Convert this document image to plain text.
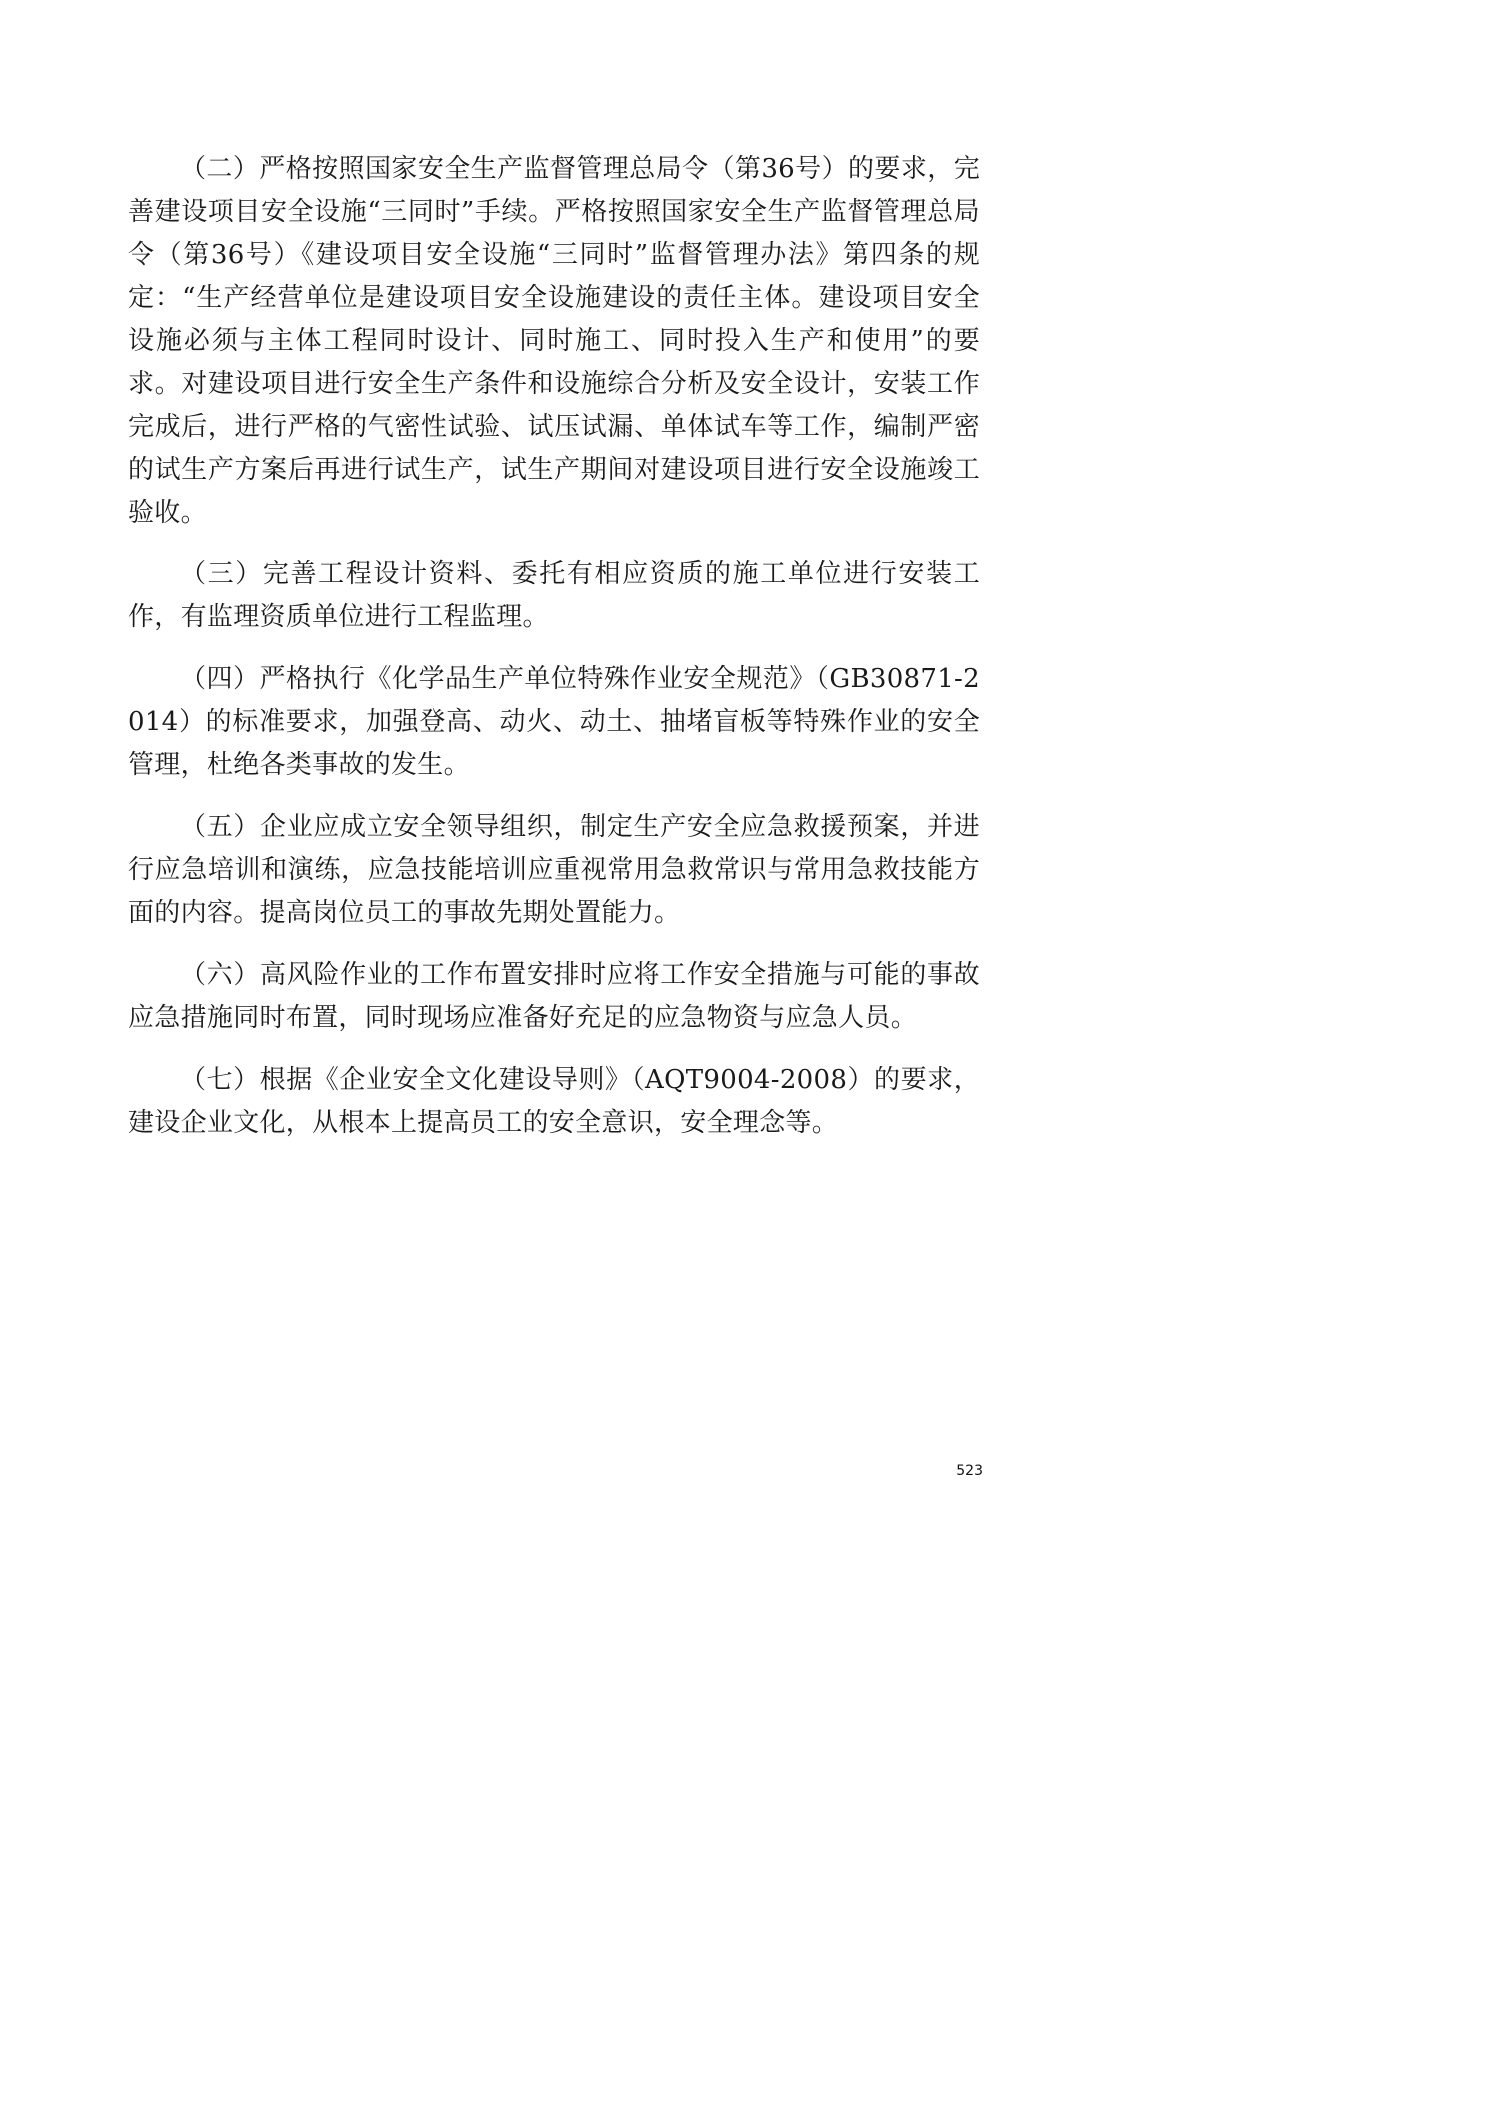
（二）严格按照国家安全生产监督管理总局令（第36号）的要求，完善建设项目安全设施“三同时”手续。严格按照国家安全生产监督管理总局令（第36号）《建设项目安全设施“三同时”监督管理办法》第四条的规定：“生产经营单位是建设项目安全设施建设的责任主体。建设项目安全设施必须与主体工程同时设计、同时施工、同时投入生产和使用”的要求。对建设项目进行安全生产条件和设施综合分析及安全设计，安装工作完成后，进行严格的气密性试验、试压试漏、单体试车等工作，编制严密的试生产方案后再进行试生产，试生产期间对建设项目进行安全设施竣工验收。

（三）完善工程设计资料、委托有相应资质的施工单位进行安装工作，有监理资质单位进行工程监理。

（四）严格执行《化学品生产单位特殊作业安全规范》（GB30871-2014）的标准要求，加强登高、动火、动土、抽堵盲板等特殊作业的安全管理，杜绝各类事故的发生。

（五）企业应成立安全领导组织，制定生产安全应急救援预案，并进行应急培训和演练，应急技能培训应重视常用急救常识与常用急救技能方面的内容。提高岗位员工的事故先期处置能力。

（六）高风险作业的工作布置安排时应将工作安全措施与可能的事故应急措施同时布置，同时现场应准备好充足的应急物资与应急人员。

（七）根据《企业安全文化建设导则》（AQT9004-2008）的要求，建设企业文化，从根本上提高员工的安全意识，安全理念等。

523
